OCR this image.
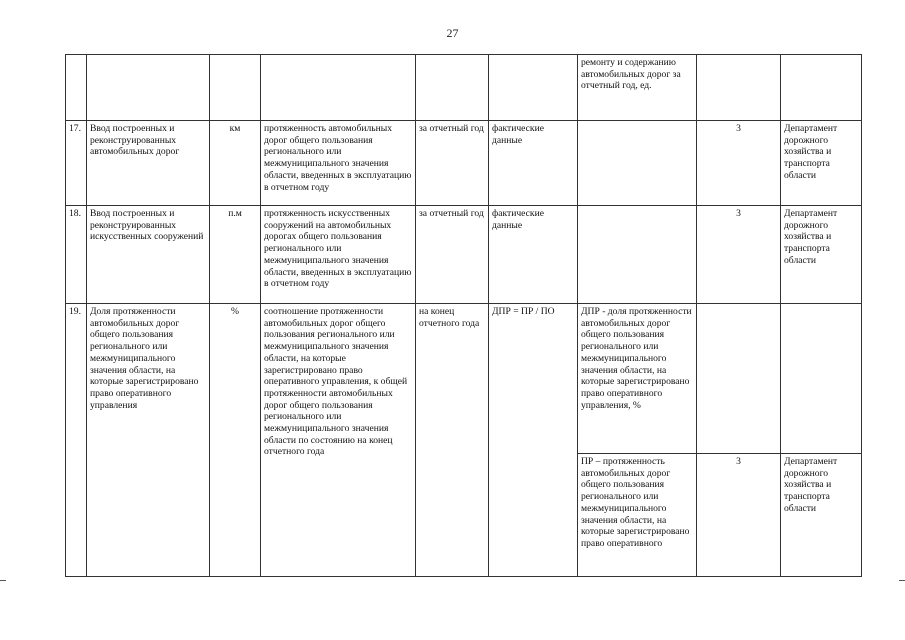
27
						ремонту и содержанию автомобильных дорог за отчетный год, ед.		
17.	Ввод построенных и реконструированных автомобильных дорог	км	протяженность автомобильных дорог общего пользования регионального или межмуниципального значения области, введенных в эксплуатацию в отчетном году	за отчетный год	фактические данные		3	Департамент дорожного хозяйства и транспорта области
18.	Ввод построенных и реконструированных искусственных сооружений	п.м	протяженность искусственных сооружений на автомобильных дорогах общего пользования регионального или межмуниципального значения области, введенных в эксплуатацию в отчетном году	за отчетный год	фактические данные		3	Департамент дорожного хозяйства и транспорта области
19.	Доля протяженности автомобильных дорог общего пользования регионального или межмуниципального значения области, на которые зарегистрировано право оперативного управления	%	соотношение протяженности автомобильных дорог общего пользования регионального или межмуниципального значения области, на которые зарегистрировано право оперативного управления, к общей протяженности автомобильных дорог общего пользования регионального или межмуниципального значения области по состоянию на конец отчетного года	на конец отчетного года	ДПР = ПР / ПО	ДПР - доля протяженности автомобильных дорог общего пользования регионального или межмуниципального значения области, на которые зарегистрировано право оперативного управления, %		
						ПР – протяженность автомобильных дорог общего пользования регионального или межмуниципального значения области, на которые зарегистрировано право оперативного	3	Департамент дорожного хозяйства и транспорта области
